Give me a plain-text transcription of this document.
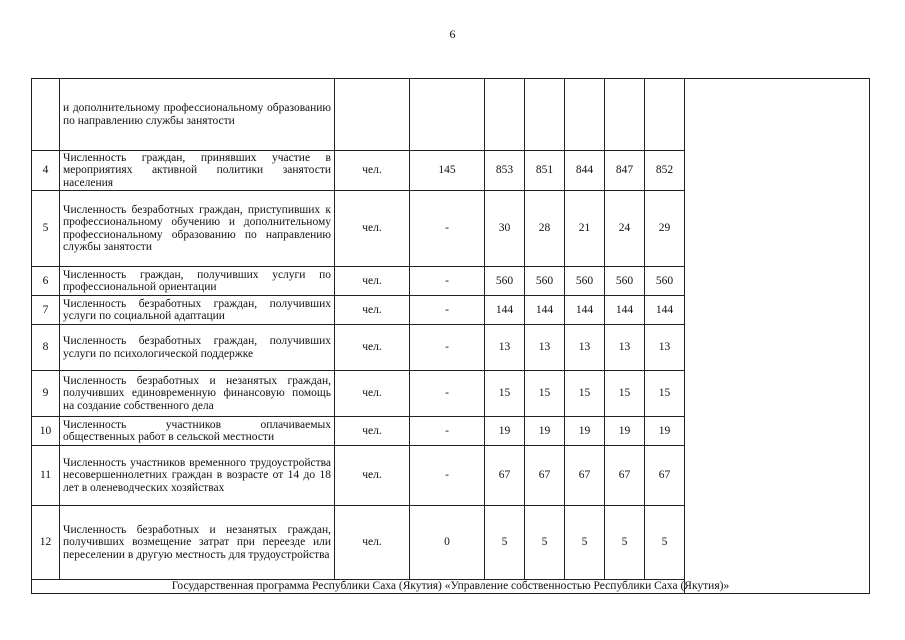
6
	и дополнительному профессиональному образованию по направлению службы занятости								
4	Численность граждан, принявших участие в мероприятиях активной политики занятости населения	чел.	145	853	851	844	847	852	
5	Численность безработных граждан, приступивших к профессиональному обучению и дополнительному профессиональному образованию по направлению службы занятости	чел.	-	30	28	21	24	29	
6	Численность граждан, получивших услуги по профессиональной ориентации	чел.	-	560	560	560	560	560	
7	Численность безработных граждан, получивших услуги по социальной адаптации	чел.	-	144	144	144	144	144	
8	Численность безработных граждан, получивших услуги по психологической поддержке	чел.	-	13	13	13	13	13	
9	Численность безработных и незанятых граждан, получивших единовременную финансовую помощь на создание собственного дела	чел.	-	15	15	15	15	15	
10	Численность участников оплачиваемых общественных работ в сельской местности	чел.	-	19	19	19	19	19	
11	Численность участников временного трудоустройства несовершеннолетних граждан в возрасте от 14 до 18 лет в оленеводческих хозяйствах	чел.	-	67	67	67	67	67	
12	Численность безработных и незанятых граждан, получивших возмещение затрат при переезде или переселении в другую местность для трудоустройства	чел.	0	5	5	5	5	5	
Государственная программа Республики Саха (Якутия) «Управление собственностью Республики Саха (Якутия)»									
